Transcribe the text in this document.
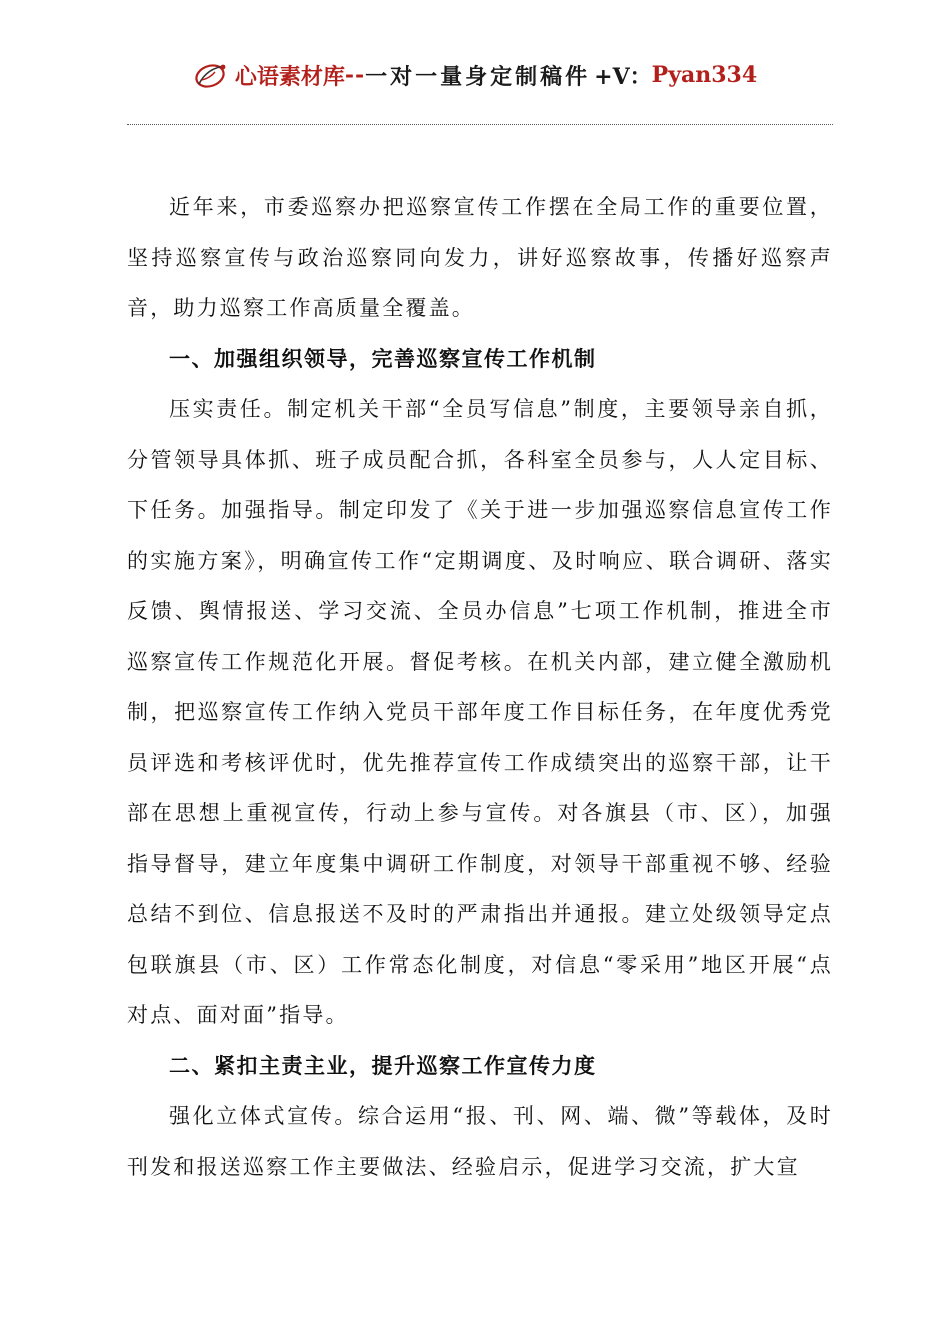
心语素材库 -- 一对一量身定制稿件 +V： Pyan334

近年来，市委巡察办把巡察宣传工作摆在全局工作的重要位置，坚持巡察宣传与政治巡察同向发力，讲好巡察故事，传播好巡察声音，助力巡察工作高质量全覆盖。

一、加强组织领导，完善巡察宣传工作机制

压实责任。制定机关干部“全员写信息”制度，主要领导亲自抓，分管领导具体抓、班子成员配合抓，各科室全员参与，人人定目标、下任务。加强指导。制定印发了《关于进一步加强巡察信息宣传工作的实施方案》，明确宣传工作“定期调度、及时响应、联合调研、落实反馈、舆情报送、学习交流、全员办信息”七项工作机制，推进全市巡察宣传工作规范化开展。督促考核。在机关内部，建立健全激励机制，把巡察宣传工作纳入党员干部年度工作目标任务，在年度优秀党员评选和考核评优时，优先推荐宣传工作成绩突出的巡察干部，让干部在思想上重视宣传，行动上参与宣传。对各旗县（市、区），加强指导督导，建立年度集中调研工作制度，对领导干部重视不够、经验总结不到位、信息报送不及时的严肃指出并通报。建立处级领导定点包联旗县（市、区）工作常态化制度，对信息“零采用”地区开展“点对点、面对面”指导。

二、紧扣主责主业，提升巡察工作宣传力度

强化立体式宣传。综合运用“报、刊、网、端、微”等载体，及时刊发和报送巡察工作主要做法、经验启示，促进学习交流，扩大宣
